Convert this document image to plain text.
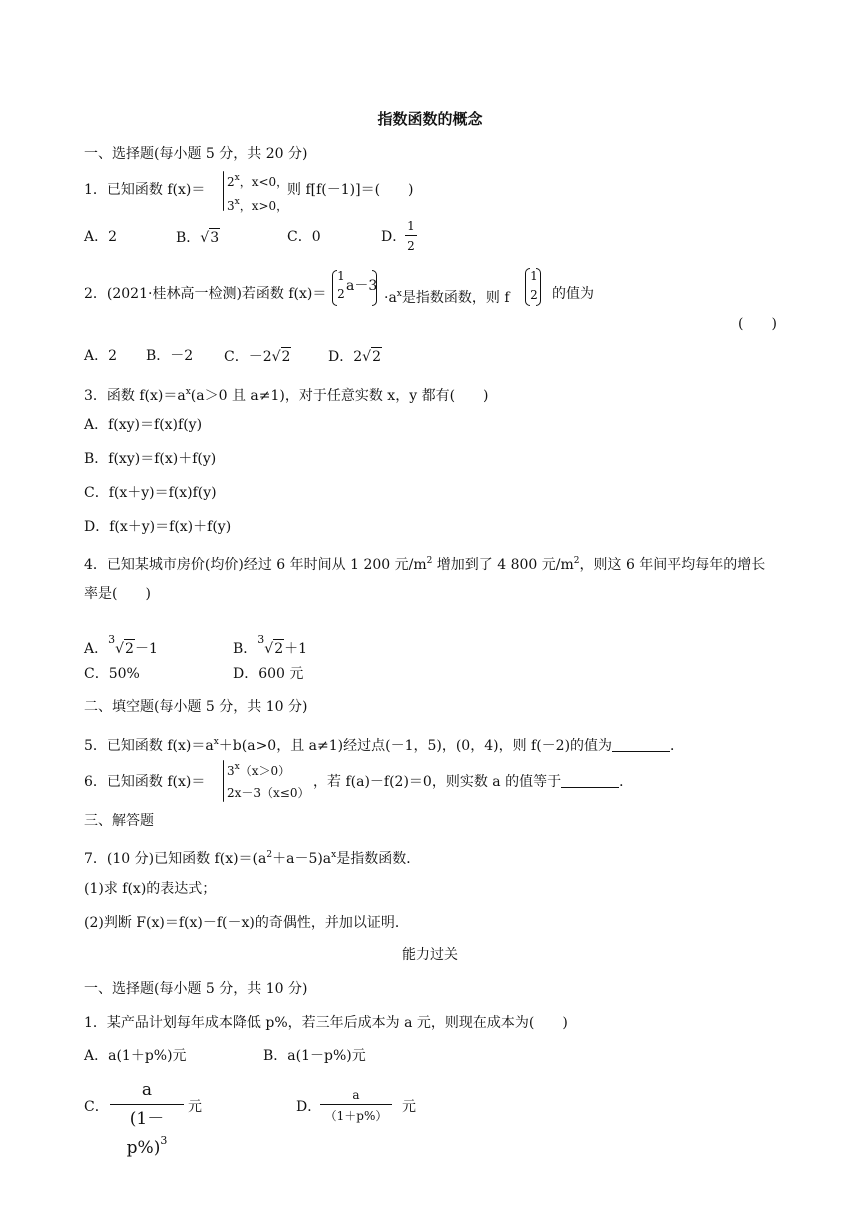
指数函数的概念
一、选择题(每小题 5 分，共 20 分)
1．已知函数 $f(x)= 2^x$，x<0，
3$^x$，x>0，
则 f[f(－1)]＝(　　)
A．2	B．√3	C．0	D．
1
2
2．(2021·桂林高一检测)若函数 f(x)＝
1
2 a－3
$\cdot a^x$是指数函数，则 f
1
2 的值为
(　　)
A．2 B．－2 C．－2√2	D．2√2
3．函数 $f(x)=a^x(a>0$ 且 a≠1)，对于任意实数 x，y 都有(　　)
A．f(xy)＝f(x)f(y)
B．f(xy)＝f(x)＋f(y)
C．f(x＋y)＝f(x)f(y)
D．f(x＋y)＝f(x)＋f(y)
4．已知某城市房价(均价)经过 6 年时间从 1 200 元$/m^2$ 增加到了 4 800 元$/m^2$，则这 6 年间平均每年的增长
率是(　　)
A．$^3$√2－1	B．$^3$√2＋1
C．50%	D．600 元
二、填空题(每小题 5 分，共 10 分)
5．已知函数 $f(x)=a^x+b(a>0$，且 a≠1)经过点(－1，5)，(0，4)，则 f(－2)的值为	．
6．已知函数 f(x)＝
$3^x(x>0)$
2x－3（x≤0）
，若 f(a)－f(2)＝0，则实数 a 的值等于	．
三、解答题
7．(10 分)已知函数 $f(x)=(a^2+a-5)a^x$是指数函数．
(1)求 f(x)的表达式；
(2)判断 F(x)＝f(x)－f(－x)的奇偶性，并加以证明．
能力过关
一、选择题(每小题 5 分，共 10 分)
1．某产品计划每年成本降低 p%，若三年后成本为 a 元，则现在成本为(　　)
A．a(1＋p%)元	B．a(1－p%)元
C．
a
$(1-p\%)^3$
元	D．
a
（1＋p%）
元
